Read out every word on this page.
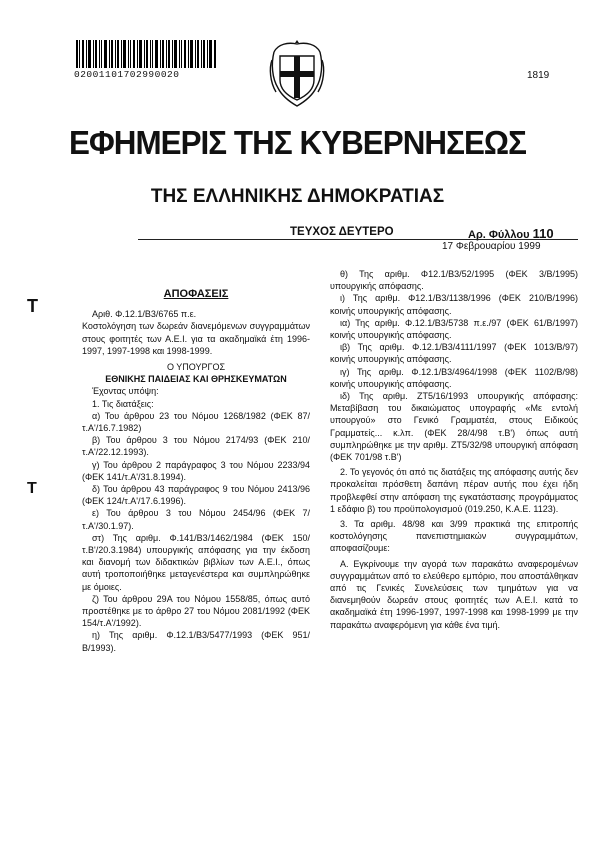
02001101702990020	1819
ΕΦΗΜΕΡΙΣ ΤΗΣ ΚΥΒΕΡΝΗΣΕΩΣ
ΤΗΣ ΕΛΛΗΝΙΚΗΣ ΔΗΜΟΚΡΑΤΙΑΣ
ΤΕΥΧΟΣ ΔΕΥΤΕΡΟ	Αρ. Φύλλου 110
17 Φεβρουαρίου 1999
Τ
Τ

ΑΠΟΦΑΣΕΙΣ

Αριθ. Φ.12.1/Β3/6765 π.ε.

Κοστολόγηση των δωρεάν διανεμόμενων συγγραμμάτων στους φοιτητές των Α.Ε.Ι. για τα ακαδημαϊκά έτη 1996-1997, 1997-1998 και 1998-1999.

Ο ΥΠΟΥΡΓΟΣ

ΕΘΝΙΚΗΣ ΠΑΙΔΕΙΑΣ ΚΑΙ ΘΡΗΣΚΕΥΜΑΤΩΝ

Έχοντας υπόψη:

1. Τις διατάξεις:

α) Του άρθρου 23 του Νόμου 1268/1982 (ΦΕΚ 87/τ.Α'/16.7.1982)

β) Του άρθρου 3 του Νόμου 2174/93 (ΦΕΚ 210/τ.Α'/22.12.1993).

γ) Του άρθρου 2 παράγραφος 3 του Νόμου 2233/94 (ΦΕΚ 141/τ.Α'/31.8.1994).

δ) Του άρθρου 43 παράγραφος 9 του Νόμου 2413/96 (ΦΕΚ 124/τ.Α'/17.6.1996).

ε) Του άρθρου 3 του Νόμου 2454/96 (ΦΕΚ 7/τ.Α'/30.1.97).

στ) Της αριθμ. Φ.141/Β3/1462/1984 (ΦΕΚ 150/τ.Β'/20.3.1984) υπουργικής απόφασης για την έκδοση και διανομή των διδακτικών βιβλίων των Α.Ε.Ι., όπως αυτή τροποποιήθηκε μεταγενέστερα και συμπληρώθηκε με όμοιες.

ζ) Του άρθρου 29Α του Νόμου 1558/85, όπως αυτό προστέθηκε με το άρθρο 27 του Νόμου 2081/1992 (ΦΕΚ 154/τ.Α'/1992).

η) Της αριθμ. Φ.12.1/Β3/5477/1993 (ΦΕΚ 951/Β/1993).

θ) Της αριθμ. Φ12.1/Β3/52/1995 (ΦΕΚ 3/Β/1995) υπουργικής απόφασης.

ι) Της αριθμ. Φ12.1/Β3/1138/1996 (ΦΕΚ 210/Β/1996) κοινής υπουργικής απόφασης.

ια) Της αριθμ. Φ.12.1/Β3/5738 π.ε./97 (ΦΕΚ 61/Β/1997) κοινής υπουργικής απόφασης.

ιβ) Της αριθμ. Φ.12.1/Β3/4111/1997 (ΦΕΚ 1013/Β/97) κοινής υπουργικής απόφασης.

ιγ) Της αριθμ. Φ.12.1/Β3/4964/1998 (ΦΕΚ 1102/Β/98) κοινής υπουργικής απόφασης.

ιδ) Της αριθμ. ΖΤ5/16/1993 υπουργικής απόφασης: Μεταβίβαση του δικαιώματος υπογραφής «Με εντολή υπουργού» στο Γενικό Γραμματέα, στους Ειδικούς Γραμματείς... κ.λπ. (ΦΕΚ 28/4/98 τ.Β') όπως αυτή συμπληρώθηκε με την αριθμ. ΖΤ5/32/98 υπουργική απόφαση (ΦΕΚ 701/98 τ.Β')

2. Το γεγονός ότι από τις διατάξεις της απόφασης αυτής δεν προκαλείται πρόσθετη δαπάνη πέραν αυτής που έχει ήδη προβλεφθεί στην απόφαση της εγκατάστασης προγράμματος 1 εδάφιο β) του προϋπολογισμού (019.250, Κ.Α.Ε. 1123).

3. Τα αριθμ. 48/98 και 3/99 πρακτικά της επιτροπής κοστολόγησης πανεπιστημιακών συγγραμμάτων, αποφασίζουμε:

Α. Εγκρίνουμε την αγορά των παρακάτω αναφερομένων συγγραμμάτων από το ελεύθερο εμπόριο, που αποστάλθηκαν από τις Γενικές Συνελεύσεις των τμημάτων για να διανεμηθούν δωρεάν στους φοιτητές των Α.Ε.Ι. κατά το ακαδημαϊκά έτη 1996-1997, 1997-1998 και 1998-1999 με την παρακάτω αναφερόμενη για κάθε ένα τιμή.
